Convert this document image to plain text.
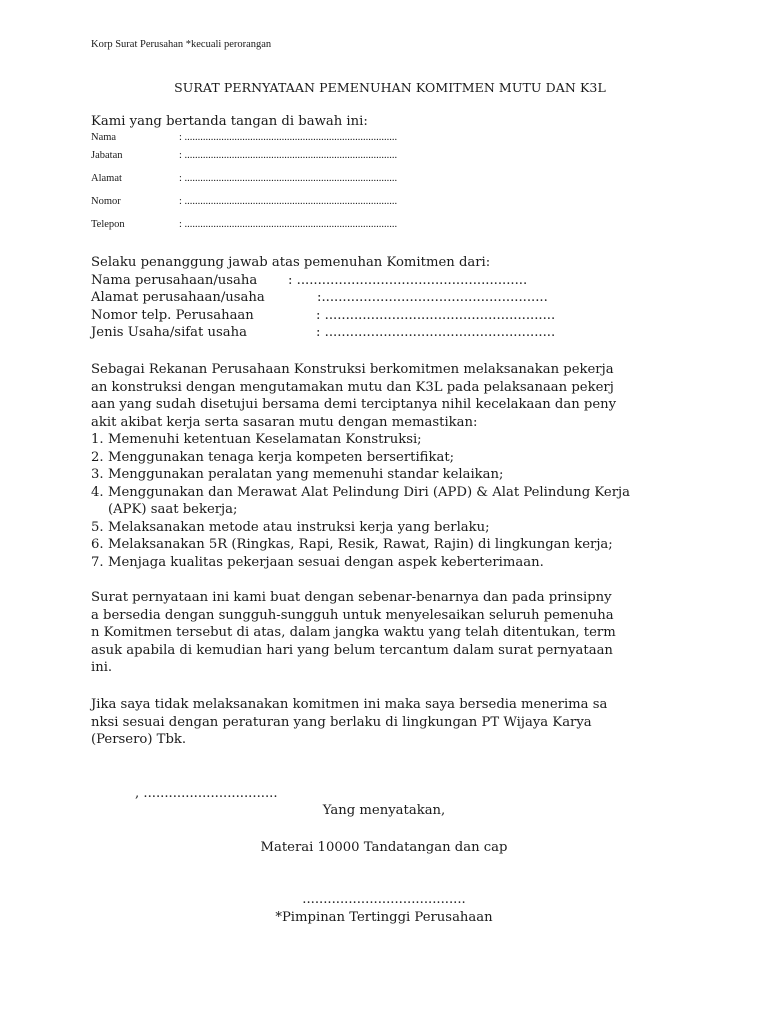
Korp Surat Perusahan *kecuali perorangan
SURAT PERNYATAAN PEMENUHAN KOMITMEN MUTU DAN K3L
Kami yang bertanda tangan di bawah ini:
Nama	: .................................................................................
Jabatan	: .................................................................................
Alamat	: .................................................................................
Nomor	: .................................................................................
Telepon	: .................................................................................
Selaku penanggung jawab atas pemenuhan Komitmen dari:
Nama perusahaan/usaha : .......................................................
Alamat perusahaan/usaha	:......................................................
Nomor telp. Perusahaan	: .......................................................
Jenis Usaha/sifat usaha	: .......................................................
Sebagai Rekanan Perusahaan Konstruksi berkomitmen melaksanakan pekerja
an konstruksi dengan mengutamakan mutu dan K3L pada pelaksanaan pekerj
aan yang sudah disetujui bersama demi terciptanya nihil kecelakaan dan peny
akit akibat kerja serta sasaran mutu dengan memastikan:
1. Memenuhi ketentuan Keselamatan Konstruksi;
2. Menggunakan tenaga kerja kompeten bersertifikat;
3. Menggunakan peralatan yang memenuhi standar kelaikan;
4. Menggunakan dan Merawat Alat Pelindung Diri (APD) & Alat Pelindung Kerja
(APK) saat bekerja;
5. Melaksanakan metode atau instruksi kerja yang berlaku;
6. Melaksanakan 5R (Ringkas, Rapi, Resik, Rawat, Rajin) di lingkungan kerja;
7. Menjaga kualitas pekerjaan sesuai dengan aspek keberterimaan.
Surat pernyataan ini kami buat dengan sebenar-benarnya dan pada prinsipny
a bersedia dengan sungguh-sungguh untuk menyelesaikan seluruh pemenuha
n Komitmen tersebut di atas, dalam jangka waktu yang telah ditentukan, term
asuk apabila di kemudian hari yang belum tercantum dalam surat pernyataan
ini.
Jika saya tidak melaksanakan komitmen ini maka saya bersedia menerima sa
nksi sesuai dengan peraturan yang berlaku di lingkungan PT Wijaya Karya
(Persero) Tbk.
, ................................
Yang menyatakan,
Materai 10000 Tandatangan dan cap
.......................................
*Pimpinan Tertinggi Perusahaan
